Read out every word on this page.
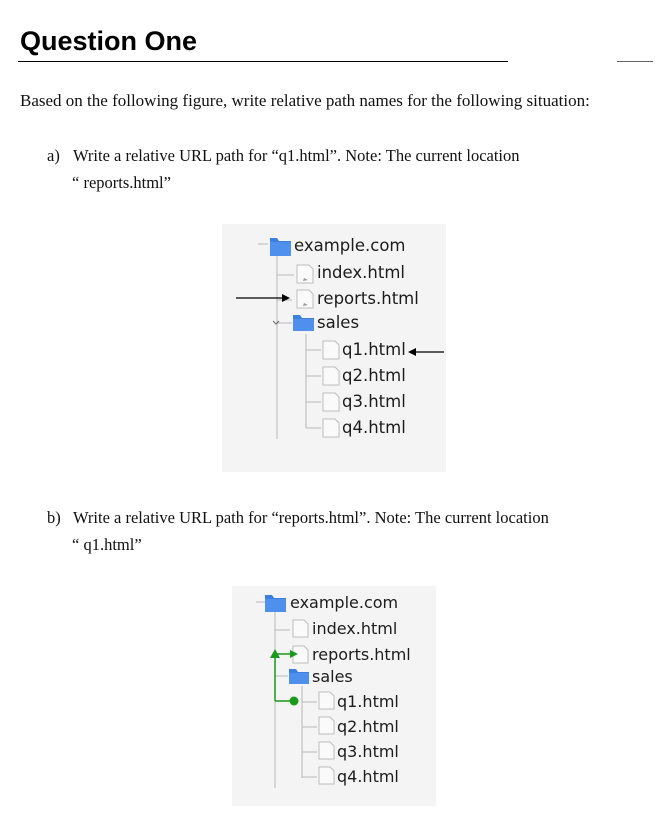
Question One
Based on the following figure, write relative path names for the following situation:
a) Write a relative URL path for “q1.html”. Note: The current location
“ reports.html”
example.com
index.html
reports.html
sales
q1.html
q2.html
q3.html
q4.html
b) Write a relative URL path for “reports.html”. Note: The current location
“ q1.html”
example.com
index.html
reports.html
sales
q1.html
q2.html
q3.html
q4.html
